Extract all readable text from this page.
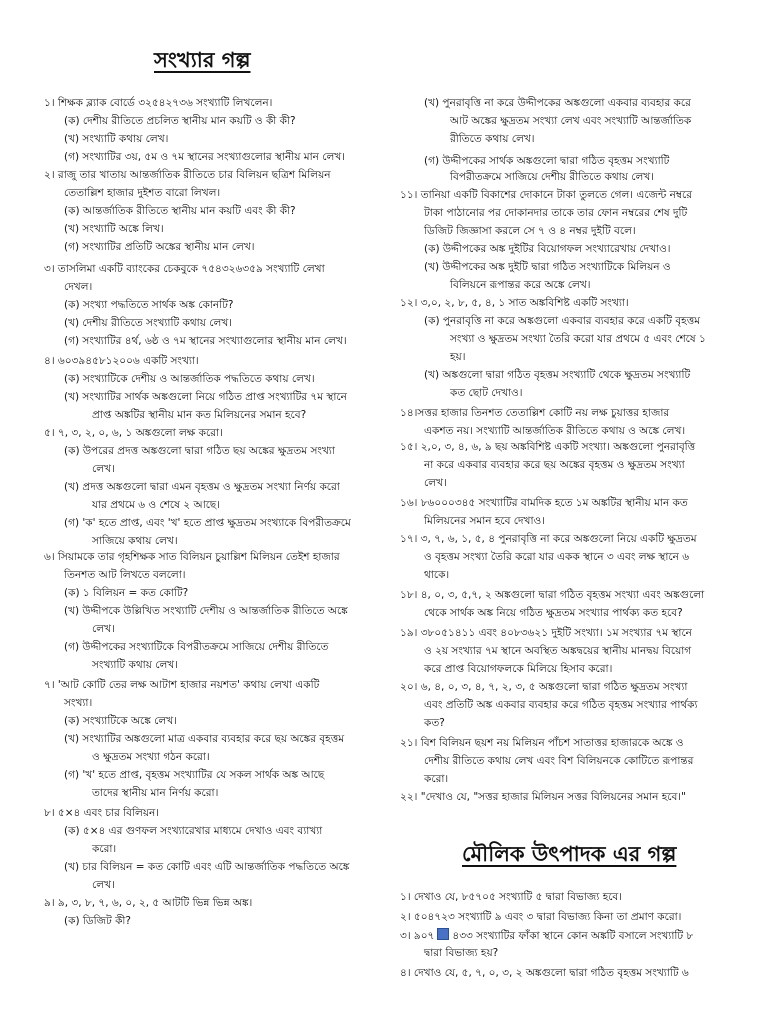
সংখ্যার গল্প
১। শিক্ষক ব্ল্যাক বোর্ডে ৩২৫৪২৭৩৬ সংখ্যাটি লিখলেন।
(ক) দেশীয় রীতিতে প্রচলিত স্থানীয় মান কয়টি ও কী কী?
(খ) সংখ্যাটি কথায় লেখ।
(গ) সংখ্যাটির ৩য়, ৫ম ও ৭ম স্থানের সংখ্যাগুলোর স্থানীয় মান লেখ।
২। রাজু তার খাতায় আন্তর্জাতিক রীতিতে চার বিলিয়ন ছত্রিশ মিলিয়ন
তেতাল্লিশ হাজার দুইশত বারো লিখল।
(ক) আন্তর্জাতিক রীতিতে স্থানীয় মান কয়টি এবং কী কী?
(খ) সংখ্যাটি অঙ্কে লিখ।
(গ) সংখ্যাটির প্রতিটি অঙ্কের স্থানীয় মান লেখ।
৩। তাসলিমা একটি ব্যাংকের চেকবুকে ৭৫৪৩২৬৩৫৯ সংখ্যাটি লেখা
দেখল।
(ক) সংখ্যা পদ্ধতিতে সার্থক অঙ্ক কোনটি?
(খ) দেশীয় রীতিতে সংখ্যাটি কথায় লেখ।
(গ) সংখ্যাটির ৪র্থ, ৬ষ্ঠ ও ৭ম স্থানের সংখ্যাগুলোর স্থানীয় মান লেখ।
৪। ৬০৩৯৪৫৮১২০০৬ একটি সংখ্যা।
(ক) সংখ্যাটিকে দেশীয় ও আন্তর্জাতিক পদ্ধতিতে কথায় লেখ।
(খ) সংখ্যাটির সার্থক অঙ্কগুলো নিয়ে গঠিত প্রাপ্ত সংখ্যাটির ৭ম স্থানে
প্রাপ্ত অঙ্কটির স্থানীয় মান কত মিলিয়নের সমান হবে?
৫। ৭, ৩, ২, ০, ৬, ১ অঙ্কগুলো লক্ষ করো।
(ক) উপরের প্রদত্ত অঙ্কগুলো দ্বারা গঠিত ছয় অঙ্কের ক্ষুদ্রতম সংখ্যা
লেখ।
(খ) প্রদত্ত অঙ্কগুলো দ্বারা এমন বৃহত্তম ও ক্ষুদ্রতম সংখ্যা নির্ণয় করো
যার প্রথমে ৬ ও শেষে ২ আছে।
(গ) 'ক' হতে প্রাপ্ত, এবং 'খ' হতে প্রাপ্ত ক্ষুদ্রতম সংখ্যাকে বিপরীতক্রমে
সাজিয়ে কথায় লেখ।
৬। সিয়ামকে তার গৃহশিক্ষক সাত বিলিয়ন চুয়াল্লিশ মিলিয়ন তেইশ হাজার
তিনশত আট লিখতে বললো।
(ক) ১ বিলিয়ন = কত কোটি?
(খ) উদ্দীপকে উল্লিখিত সংখ্যাটি দেশীয় ও আন্তর্জাতিক রীতিতে অঙ্কে
লেখ।
(গ) উদ্দীপকের সংখ্যাটিকে বিপরীতক্রমে সাজিয়ে দেশীয় রীতিতে
সংখ্যাটি কথায় লেখ।
৭। 'আট কোটি তের লক্ষ আটাশ হাজার নয়শত' কথায় লেখা একটি
সংখ্যা।
(ক) সংখ্যাটিকে অঙ্কে লেখ।
(খ) সংখ্যাটির অঙ্কগুলো মাত্র একবার ব্যবহার করে ছয় অঙ্কের বৃহত্তম
ও ক্ষুদ্রতম সংখ্যা গঠন করো।
(গ) 'খ' হতে প্রাপ্ত, বৃহত্তম সংখ্যাটির যে সকল সার্থক অঙ্ক আছে
তাদের স্থানীয় মান নির্ণয় করো।
৮। ৫×৪ এবং চার বিলিয়ন।
(ক) ৫×৪ এর গুণফল সংখ্যারেখার মাধ্যমে দেখাও এবং ব্যাখ্যা
করো।
(খ) চার বিলিয়ন = কত কোটি এবং এটি আন্তর্জাতিক পদ্ধতিতে অঙ্কে
লেখ।
৯। ৯, ৩, ৮, ৭, ৬, ০, ২, ৫ আটটি ভিন্ন ভিন্ন অঙ্ক।
(ক) ডিজিট কী?
(খ) পুনরাবৃত্তি না করে উদ্দীপকের অঙ্কগুলো একবার ব্যবহার করে
আট অঙ্কের ক্ষুদ্রতম সংখ্যা লেখ এবং সংখ্যাটি আন্তর্জাতিক
রীতিতে কথায় লেখ।
(গ) উদ্দীপকের সার্থক অঙ্কগুলো দ্বারা গঠিত বৃহত্তম সংখ্যাটি
বিপরীতক্রমে সাজিয়ে দেশীয় রীতিতে কথায় লেখ।
১১। তানিয়া একটি বিকাশের দোকানে টাকা তুলতে গেল। এজেন্ট নম্বরে
টাকা পাঠানোর পর দোকানদার তাকে তার ফোন নম্বরের শেষ দুটি
ডিজিট জিজ্ঞাসা করলে সে ৭ ও ৪ নম্বর দুইটি বলে।
(ক) উদ্দীপকের অঙ্ক দুইটির বিয়োগফল সংখ্যারেখায় দেখাও।
(খ) উদ্দীপকের অঙ্ক দুইটি দ্বারা গঠিত সংখ্যাটিকে মিলিয়ন ও
বিলিয়নে রূপান্তর করে অঙ্কে লেখ।
১২। ৩,০, ২, ৮, ৫, ৪, ১ সাত অঙ্কবিশিষ্ট একটি সংখ্যা।
(ক) পুনরাবৃত্তি না করে অঙ্কগুলো একবার ব্যবহার করে একটি বৃহত্তম
সংখ্যা ও ক্ষুদ্রতম সংখ্যা তৈরি করো যার প্রথমে ৫ এবং শেষে ১
হয়।
(খ) অঙ্কগুলো দ্বারা গঠিত বৃহত্তম সংখ্যাটি থেকে ক্ষুদ্রতম সংখ্যাটি
কত ছোট দেখাও।
১৪।সত্তর হাজার তিনশত তেতাল্লিশ কোটি নয় লক্ষ চুয়াত্তর হাজার
একশত নয়। সংখ্যাটি আন্তর্জাতিক রীতিতে কথায় ও অঙ্কে লেখ।
১৫। ২,০, ৩, ৪, ৬, ৯ ছয় অঙ্কবিশিষ্ট একটি সংখ্যা। অঙ্কগুলো পুনরাবৃত্তি
না করে একবার ব্যবহার করে ছয় অঙ্কের বৃহত্তম ও ক্ষুদ্রতম সংখ্যা
লেখ।
১৬। ৮৬০০০৩৪৫ সংখ্যাটির বামদিক হতে ১ম অঙ্কটির স্থানীয় মান কত
মিলিয়নের সমান হবে দেখাও।
১৭। ৩, ৭, ৬, ১, ৫, ৪ পুনরাবৃত্তি না করে অঙ্কগুলো নিয়ে একটি ক্ষুদ্রতম
ও বৃহত্তম সংখ্যা তৈরি করো যার একক স্থানে ৩ এবং লক্ষ স্থানে ৬
থাকে।
১৮। ৪, ০, ৩, ৫,৭, ২ অঙ্কগুলো দ্বারা গঠিত বৃহত্তম সংখ্যা এবং অঙ্কগুলো
থেকে সার্থক অঙ্ক নিয়ে গঠিত ক্ষুদ্রতম সংখ্যার পার্থক্য কত হবে?
১৯। ৩৮০৫১৪১১ এবং ৪০৮৩৬২১ দুইটি সংখ্যা। ১ম সংখ্যার ৭ম স্থানে
ও ২য় সংখ্যার ৭ম স্থানে অবস্থিত অঙ্কদ্বয়ের স্থানীয় মানদ্বয় বিয়োগ
করে প্রাপ্ত বিয়োগফলকে মিলিয়ে হিসাব করো।
২০। ৬, ৪, ০, ৩, ৪, ৭, ২, ৩, ৫ অঙ্কগুলো দ্বারা গঠিত ক্ষুদ্রতম সংখ্যা
এবং প্রতিটি অঙ্ক একবার ব্যবহার করে গঠিত বৃহত্তম সংখ্যার পার্থক্য
কত?
২১। বিশ বিলিয়ন ছয়শ নয় মিলিয়ন পাঁচশ সাতাত্তর হাজারকে অঙ্কে ও
দেশীয় রীতিতে কথায় লেখ এবং বিশ বিলিয়নকে কোটিতে রূপান্তর
করো।
২২। "দেখাও যে, "সত্তর হাজার মিলিয়ন সত্তর বিলিয়নের সমান হবে।"
১। দেখাও যে, ৮৫৭০৫ সংখ্যাটি ৫ দ্বারা বিভাজ্য হবে।
২। ৫০৪৭২৩ সংখ্যাটি ৯ এবং ৩ দ্বারা বিভাজ্য কিনা তা প্রমাণ করো।
৩। ৯০৭ ৪৩৩ সংখ্যাটির ফাঁকা স্থানে কোন অঙ্কটি বসালে সংখ্যাটি ৮
দ্বারা বিভাজ্য হয়?
৪। দেখাও যে, ৫, ৭, ০, ৩, ২ অঙ্কগুলো দ্বারা গঠিত বৃহত্তম সংখ্যাটি ৬
মৌলিক উৎপাদক এর গল্প
